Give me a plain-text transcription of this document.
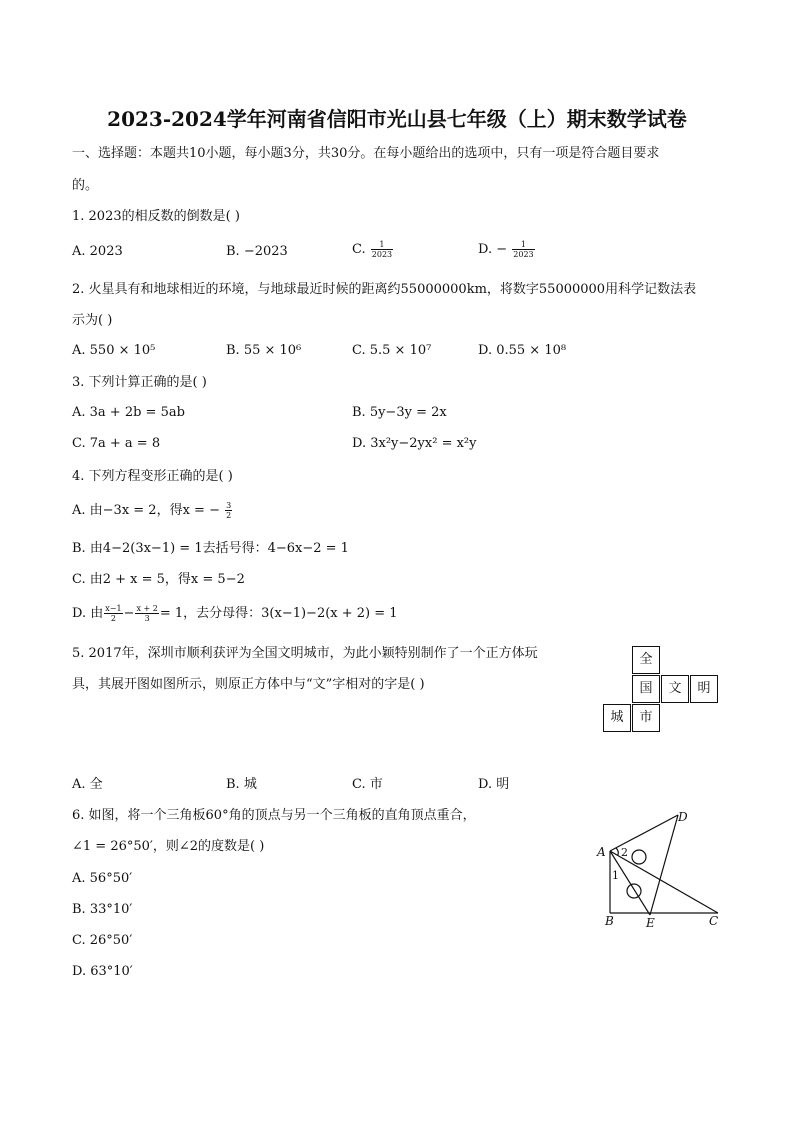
2023-2024学年河南省信阳市光山县七年级（上）期末数学试卷
一、选择题：本题共10小题，每小题3分，共30分。在每小题给出的选项中，只有一项是符合题目要求
的。
1. 2023的相反数的倒数是( )
A. 2023	B. −2023	C. $\frac{1}{2023}$	D. − $\frac{1}{2023}$
2. 火星具有和地球相近的环境，与地球最近时候的距离约55000000km，将数字55000000用科学记数法表
示为( )
A. 550 × 10⁵	B. 55 × 10⁶	C. 5.5 × 10⁷	D. 0.55 × 10⁸
3. 下列计算正确的是( )
A. 3a + 2b = 5ab	B. 5y−3y = 2x
C. 7a + a = 8	D. 3x²y−2yx² = x²y
4. 下列方程变形正确的是( )
A. 由−3x = 2，得x = − $\frac{3}{2}$
B. 由4−2(3x−1) = 1去括号得：4−6x−2 = 1
C. 由2 + x = 5，得x = 5−2
D. 由 $\frac{x-1}{2} - \frac{x + 2}{3} = 1$，去分母得：3(x−1)−2(x + 2) = 1
5. 2017年，深圳市顺利获评为全国文明城市，为此小颖特别制作了一个正方体玩
具，其展开图如图所示，则原正方体中与“文”字相对的字是( )
全
国	文	明
城	市
A. 全	B. 城	C. 市	D. 明
6. 如图，将一个三角板60°角的顶点与另一个三角板的直角顶点重合，
∠1 = 26°50′，则∠2的度数是( )
A. 56°50′
B. 33°10′
C. 26°50′
D. 63°10′
A
B	C
D
E
2
1
